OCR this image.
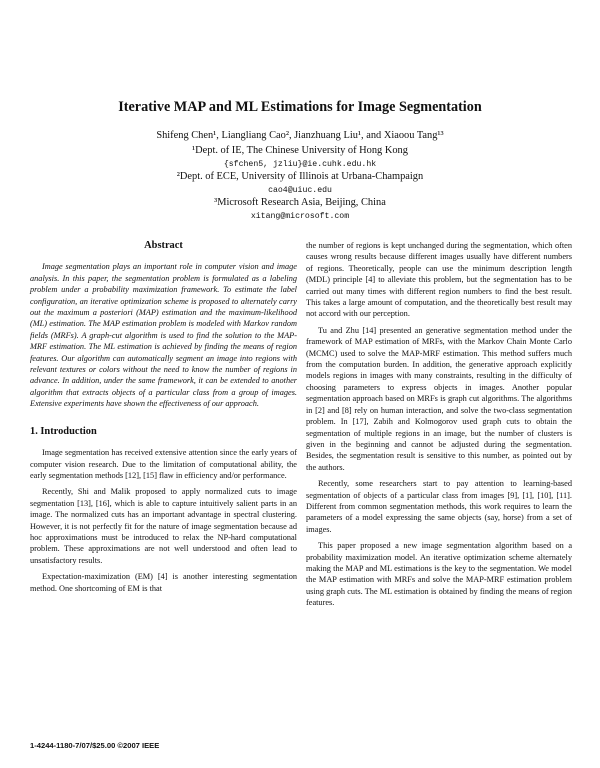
Iterative MAP and ML Estimations for Image Segmentation
Shifeng Chen¹, Liangliang Cao², Jianzhuang Liu¹, and Xiaoou Tang¹³
¹Dept. of IE, The Chinese University of Hong Kong
{sfchen5, jzliu}@ie.cuhk.edu.hk
²Dept. of ECE, University of Illinois at Urbana-Champaign
cao4@uiuc.edu
³Microsoft Research Asia, Beijing, China
xitang@microsoft.com
Abstract

Image segmentation plays an important role in computer vision and image analysis. In this paper, the segmentation problem is formulated as a labeling problem under a probability maximization framework. To estimate the label configuration, an iterative optimization scheme is proposed to alternately carry out the maximum a posteriori (MAP) estimation and the maximum-likelihood (ML) estimation. The MAP estimation problem is modeled with Markov random fields (MRFs). A graph-cut algorithm is used to find the solution to the MAP-MRF estimation. The ML estimation is achieved by finding the means of region features. Our algorithm can automatically segment an image into regions with relevant textures or colors without the need to know the number of regions in advance. In addition, under the same framework, it can be extended to another algorithm that extracts objects of a particular class from a group of images. Extensive experiments have shown the effectiveness of our approach.

1. Introduction

Image segmentation has received extensive attention since the early years of computer vision research. Due to the limitation of computational ability, the early segmentation methods [12], [15] flaw in efficiency and/or performance.

Recently, Shi and Malik proposed to apply normalized cuts to image segmentation [13], [16], which is able to capture intuitively salient parts in an image. The normalized cuts has an important advantage in spectral clustering. However, it is not perfectly fit for the nature of image segmentation because ad hoc approximations must be introduced to relax the NP-hard computational problem. These approximations are not well understood and often lead to unsatisfactory results.

Expectation-maximization (EM) [4] is another interesting segmentation method. One shortcoming of EM is that

the number of regions is kept unchanged during the segmentation, which often causes wrong results because different images usually have different numbers of regions. Theoretically, people can use the minimum description length (MDL) principle [4] to alleviate this problem, but the segmentation has to be carried out many times with different region numbers to find the best result. This takes a large amount of computation, and the theoretically best result may not accord with our perception.

Tu and Zhu [14] presented an generative segmentation method under the framework of MAP estimation of MRFs, with the Markov Chain Monte Carlo (MCMC) used to solve the MAP-MRF estimation. This method suffers much from the computation burden. In addition, the generative approach explicitly models regions in images with many constraints, resulting in the difficulty of choosing parameters to express objects in images. Another popular segmentation approach based on MRFs is graph cut algorithms. The algorithms in [2] and [8] rely on human interaction, and solve the two-class segmentation problem. In [17], Zabih and Kolmogorov used graph cuts to obtain the segmentation of multiple regions in an image, but the number of clusters is given in the beginning and cannot be adjusted during the segmentation. Besides, the segmentation result is sensitive to this number, as pointed out by the authors.

Recently, some researchers start to pay attention to learning-based segmentation of objects of a particular class from images [9], [1], [10], [11]. Different from common segmentation methods, this work requires to learn the parameters of a model expressing the same objects (say, horse) from a set of images.

This paper proposed a new image segmentation algorithm based on a probability maximization model. An iterative optimization scheme alternately making the MAP and ML estimations is the key to the segmentation. We model the MAP estimation with MRFs and solve the MAP-MRF estimation problem using graph cuts. The ML estimation is obtained by finding the means of region features.

1-4244-1180-7/07/$25.00 ©2007 IEEE
